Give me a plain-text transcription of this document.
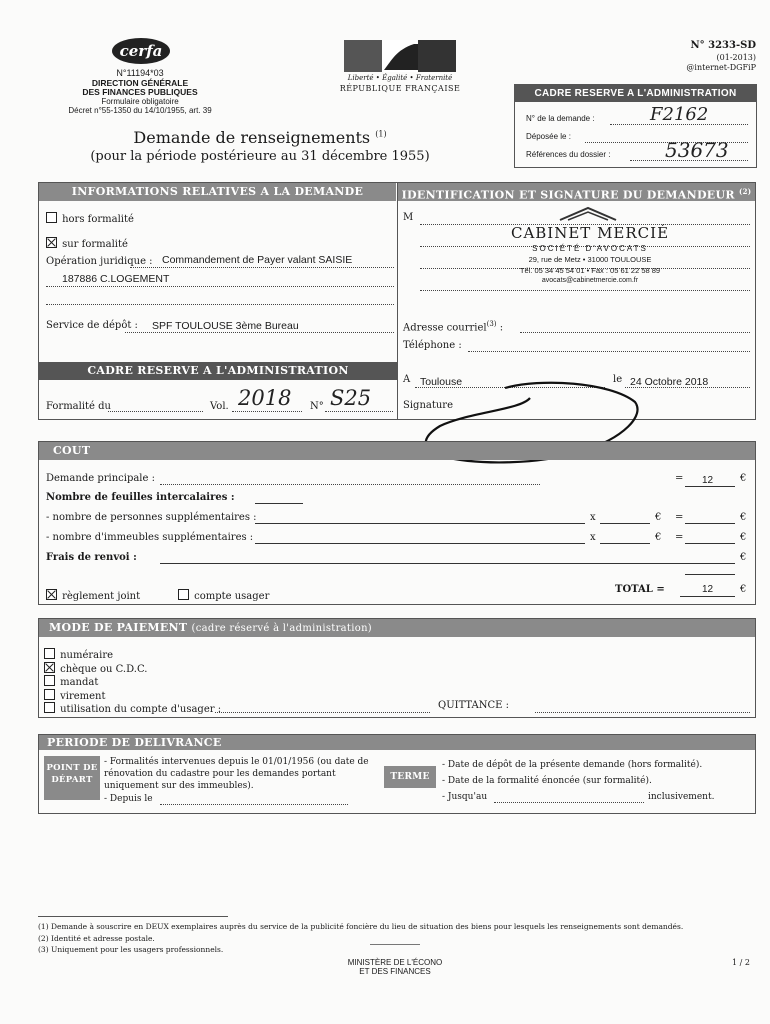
cerfa
N°11194*03
DIRECTION GÉNÉRALE
DES FINANCES PUBLIQUES
Formulaire obligatoire
Décret n°55-1350 du 14/10/1955, art. 39
Liberté • Égalité • Fraternité
RÉPUBLIQUE FRANÇAISE
N° 3233-SD
(01-2013)
@internet-DGFiP
Demande de renseignements $^{(1)}$
(pour la période postérieure au 31 décembre 1955)
CADRE RESERVE A L'ADMINISTRATION
N° de la demande :	F2162
Déposée le :
Références du dossier :	53673
INFORMATIONS RELATIVES A LA DEMANDE	IDENTIFICATION ET SIGNATURE DU DEMANDEUR $^{(2)}$
hors formalité
sur formalité
Opération juridique : Commandement de Payer valant SAISIE
187886 C.LOGEMENT
Service de dépôt : SPF TOULOUSE 3ème Bureau
CADRE RESERVE A L'ADMINISTRATION
Formalité du	Vol. 2018 N° S25
M
CABINET MERCIÉ
SOCIÉTÉ D'AVOCATS
29, rue de Metz • 31000 TOULOUSE
Tél. 05 34 45 54 01 • Fax : 05 61 22 58 89
avocats@cabinetmercie.com.fr
Adresse courriel$^{(3)}$ :
Téléphone :
A Toulouse	le 24 Octobre 2018
Signature
COUT
Demande principale :	= 12	€
Nombre de feuilles intercalaires :
- nombre de personnes supplémentaires :	x	€ =	€
- nombre d'immeubles supplémentaires :	x	€ =	€
Frais de renvoi :	€
règlement joint	compte usager
TOTAL =	12	€
MODE DE PAIEMENT (cadre réservé à l'administration)
numéraire
chèque ou C.D.C.
mandat
virement
utilisation du compte d'usager :	QUITTANCE :
PERIODE DE DELIVRANCE
POINT DE DÉPART
- Formalités intervenues depuis le 01/01/1956 (ou date de rénovation du cadastre pour les demandes portant uniquement sur des immeubles).
- Depuis le
TERME
- Date de dépôt de la présente demande (hors formalité).
- Date de la formalité énoncée (sur formalité).
- Jusqu'au	inclusivement.
(1) Demande à souscrire en DEUX exemplaires auprès du service de la publicité foncière du lieu de situation des biens pour lesquels les renseignements sont demandés.
(2) Identité et adresse postale.
(3) Uniquement pour les usagers professionnels.
MINISTÈRE DE L'ÉCONO
ET DES FINANCES
1 / 2
